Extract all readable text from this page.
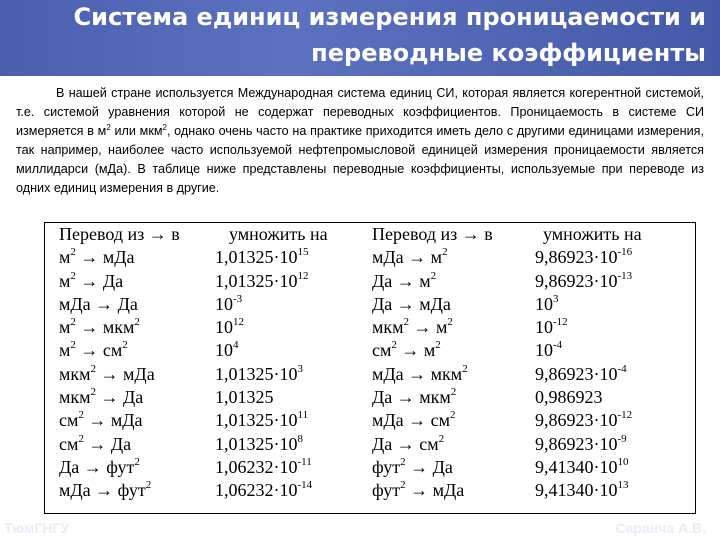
Система единиц измерения проницаемости и
переводные коэффициенты

В нашей стране используется Международная система единиц СИ, которая является когерентной системой, т.е. системой уравнения которой не содержат переводных коэффициентов. Проницаемость в системе СИ измеряется в $м^2$ или мкм$^2$, однако очень часто на практике приходится иметь дело с другими единицами измерения, так например, наиболее часто используемой нефтепромысловой единицей измерения проницаемости является миллидарси (мДа). В таблице ниже представлены переводные коэффициенты, используемые при переводе из одних единиц измерения в другие.

Перевод из → в
$м^2$ → мДа
$м^2$ → Да
мДа → Да
$м^2 \to мкм^2$
$м^2 \to см^2$
мкм$^2$ → мДа
мкм$^2$ → Да
$см^2$ → мДа
$см^2$ → Да
Да → фут$^2$
мДа → фут$^2$
умножить на
$1,01325\cdot 10^{15}$
$1,01325\cdot 10^{12}$
$10^{-3}$
$10^{12}$
$10^4$
$1,01325\cdot 10^3$
1,01325
$1,01325\cdot 10^{11}$
$1,01325\cdot 10^8$
$1,06232\cdot 10^{-11}$
$1,06232\cdot 10^{-14}$
Перевод из → в
мДа → $м^2$
Да → $м^2$
Да → мДа
$мкм^2 \to м^2$
$см^2 \to м^2$
мДа → мкм$^2$
Да → мкм$^2$
мДа → $см^2$
Да → $см^2$
фут$^2$ → Да
фут$^2$ → мДа
умножить на
$9,86923\cdot 10^{-16}$
$9,86923\cdot 10^{-13}$
$10^3$
$10^{-12}$
$10^{-4}$
$9,86923\cdot 10^{-4}$
0,986923
$9,86923\cdot 10^{-12}$
$9,86923\cdot 10^{-9}$
$9,41340\cdot 10^{10}$
$9,41340\cdot 10^{13}$
ТюмГНГУ	Саранча А.В.
